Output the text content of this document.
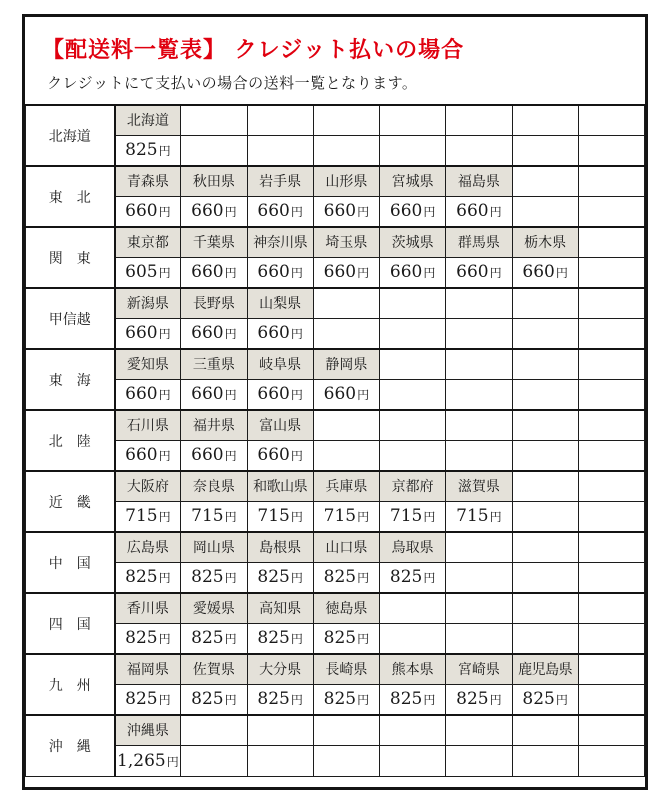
【配送料一覧表】 クレジット払いの場合

クレジットにて支払いの場合の送料一覧となります。

北海道	北海道							
	825円							
東　北	青森県	秋田県	岩手県	山形県	宮城県	福島県		
	660円	660円	660円	660円	660円	660円		
関　東	東京都	千葉県	神奈川県	埼玉県	茨城県	群馬県	栃木県	
	605円	660円	660円	660円	660円	660円	660円	
甲信越	新潟県	長野県	山梨県					
	660円	660円	660円					
東　海	愛知県	三重県	岐阜県	静岡県				
	660円	660円	660円	660円				
北　陸	石川県	福井県	富山県					
	660円	660円	660円					
近　畿	大阪府	奈良県	和歌山県	兵庫県	京都府	滋賀県		
	715円	715円	715円	715円	715円	715円		
中　国	広島県	岡山県	島根県	山口県	鳥取県			
	825円	825円	825円	825円	825円			
四　国	香川県	愛媛県	高知県	徳島県				
	825円	825円	825円	825円				
九　州	福岡県	佐賀県	大分県	長崎県	熊本県	宮崎県	鹿児島県	
	825円	825円	825円	825円	825円	825円	825円	
沖　縄	沖縄県							
	1,265円							
